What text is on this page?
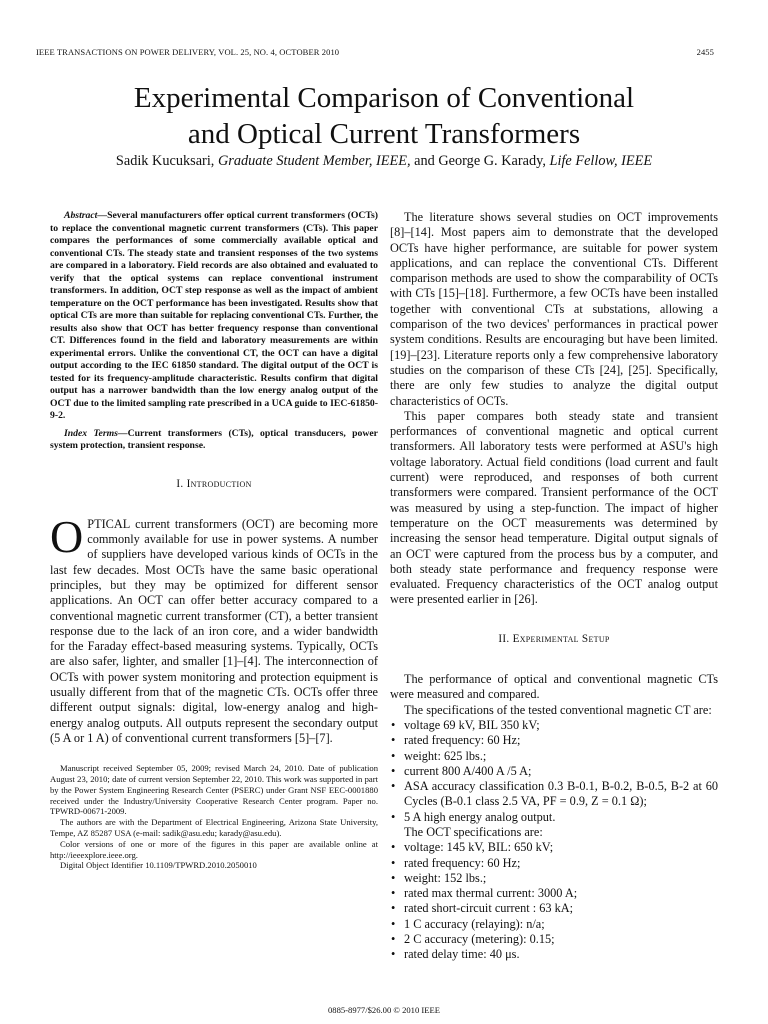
IEEE TRANSACTIONS ON POWER DELIVERY, VOL. 25, NO. 4, OCTOBER 2010	2455
Experimental Comparison of Conventional
and Optical Current Transformers
Sadik Kucuksari, Graduate Student Member, IEEE, and George G. Karady, Life Fellow, IEEE

Abstract—Several manufacturers offer optical current transformers (OCTs) to replace the conventional magnetic current transformers (CTs). This paper compares the performances of some commercially available optical and conventional CTs. The steady state and transient responses of the two systems are compared in a laboratory. Field records are also obtained and evaluated to verify that the optical systems can replace conventional instrument transformers. In addition, OCT step response as well as the impact of ambient temperature on the OCT performance has been investigated. Results show that optical CTs are more than suitable for replacing conventional CTs. Further, the results also show that OCT has better frequency response than conventional CT. Differences found in the field and laboratory measurements are within experimental errors. Unlike the conventional CT, the OCT can have a digital output according to the IEC 61850 standard. The digital output of the OCT is tested for its frequency-amplitude characteristic. Results confirm that digital output has a narrower bandwidth than the low energy analog output of the OCT due to the limited sampling rate prescribed in a UCA guide to IEC-61850-9-2.

Index Terms—Current transformers (CTs), optical transducers, power system protection, transient response.

I. Introduction

OPTICAL current transformers (OCT) are becoming more commonly available for use in power systems. A number of suppliers have developed various kinds of OCTs in the last few decades. Most OCTs have the same basic operational principles, but they may be optimized for different sensor applications. An OCT can offer better accuracy compared to a conventional magnetic current transformer (CT), a better transient response due to the lack of an iron core, and a wider bandwidth for the Faraday effect-based measuring systems. Typically, OCTs are also safer, lighter, and smaller [1]–[4]. The interconnection of OCTs with power system monitoring and protection equipment is usually different from that of the magnetic CTs. OCTs offer three different output signals: digital, low-energy analog and high-energy analog outputs. All outputs represent the secondary output (5 A or 1 A) of conventional current transformers [5]–[7].

Manuscript received September 05, 2009; revised March 24, 2010. Date of publication August 23, 2010; date of current version September 22, 2010. This work was supported in part by the Power System Engineering Research Center (PSERC) under Grant NSF EEC-0001880 received under the Industry/University Cooperative Research Center program. Paper no. TPWRD-00671-2009.

The authors are with the Department of Electrical Engineering, Arizona State University, Tempe, AZ 85287 USA (e-mail: sadik@asu.edu; karady@asu.edu).

Color versions of one or more of the figures in this paper are available online at http://ieeexplore.ieee.org.

Digital Object Identifier 10.1109/TPWRD.2010.2050010

The literature shows several studies on OCT improvements [8]–[14]. Most papers aim to demonstrate that the developed OCTs have higher performance, are suitable for power system applications, and can replace the conventional CTs. Different comparison methods are used to show the comparability of OCTs with CTs [15]–[18]. Furthermore, a few OCTs have been installed together with conventional CTs at substations, allowing a comparison of the two devices' performances in practical power system conditions. Results are encouraging but have been limited. [19]–[23]. Literature reports only a few comprehensive laboratory studies on the comparison of these CTs [24], [25]. Specifically, there are only few studies to analyze the digital output characteristics of OCTs.

This paper compares both steady state and transient performances of conventional magnetic and optical current transformers. All laboratory tests were performed at ASU's high voltage laboratory. Actual field conditions (load current and fault current) were reproduced, and responses of both current transformers were compared. Transient performance of the OCT was measured by using a step-function. The impact of higher temperature on the OCT measurements was determined by increasing the sensor head temperature. Digital output signals of an OCT were captured from the process bus by a computer, and both steady state performance and frequency response were evaluated. Frequency characteristics of the OCT analog output were presented earlier in [26].

II. Experimental Setup

The performance of optical and conventional magnetic CTs were measured and compared.

The specifications of the tested conventional magnetic CT are:

• voltage 69 kV, BIL 350 kV;
• rated frequency: 60 Hz;
• weight: 625 lbs.;
• current 800 A/400 A /5 A;
• ASA accuracy classification 0.3 B-0.1, B-0.2, B-0.5, B-2 at 60 Cycles (B-0.1 class 2.5 VA, PF = 0.9, Z = 0.1 Ω);
• 5 A high energy analog output.

The OCT specifications are:

• voltage: 145 kV, BIL: 650 kV;
• rated frequency: 60 Hz;
• weight: 152 lbs.;
• rated max thermal current: 3000 A;
• rated short-circuit current : 63 kA;
• 1 C accuracy (relaying): n/a;
• 2 C accuracy (metering): 0.15;
• rated delay time: 40 μs.
0885-8977/$26.00 © 2010 IEEE
